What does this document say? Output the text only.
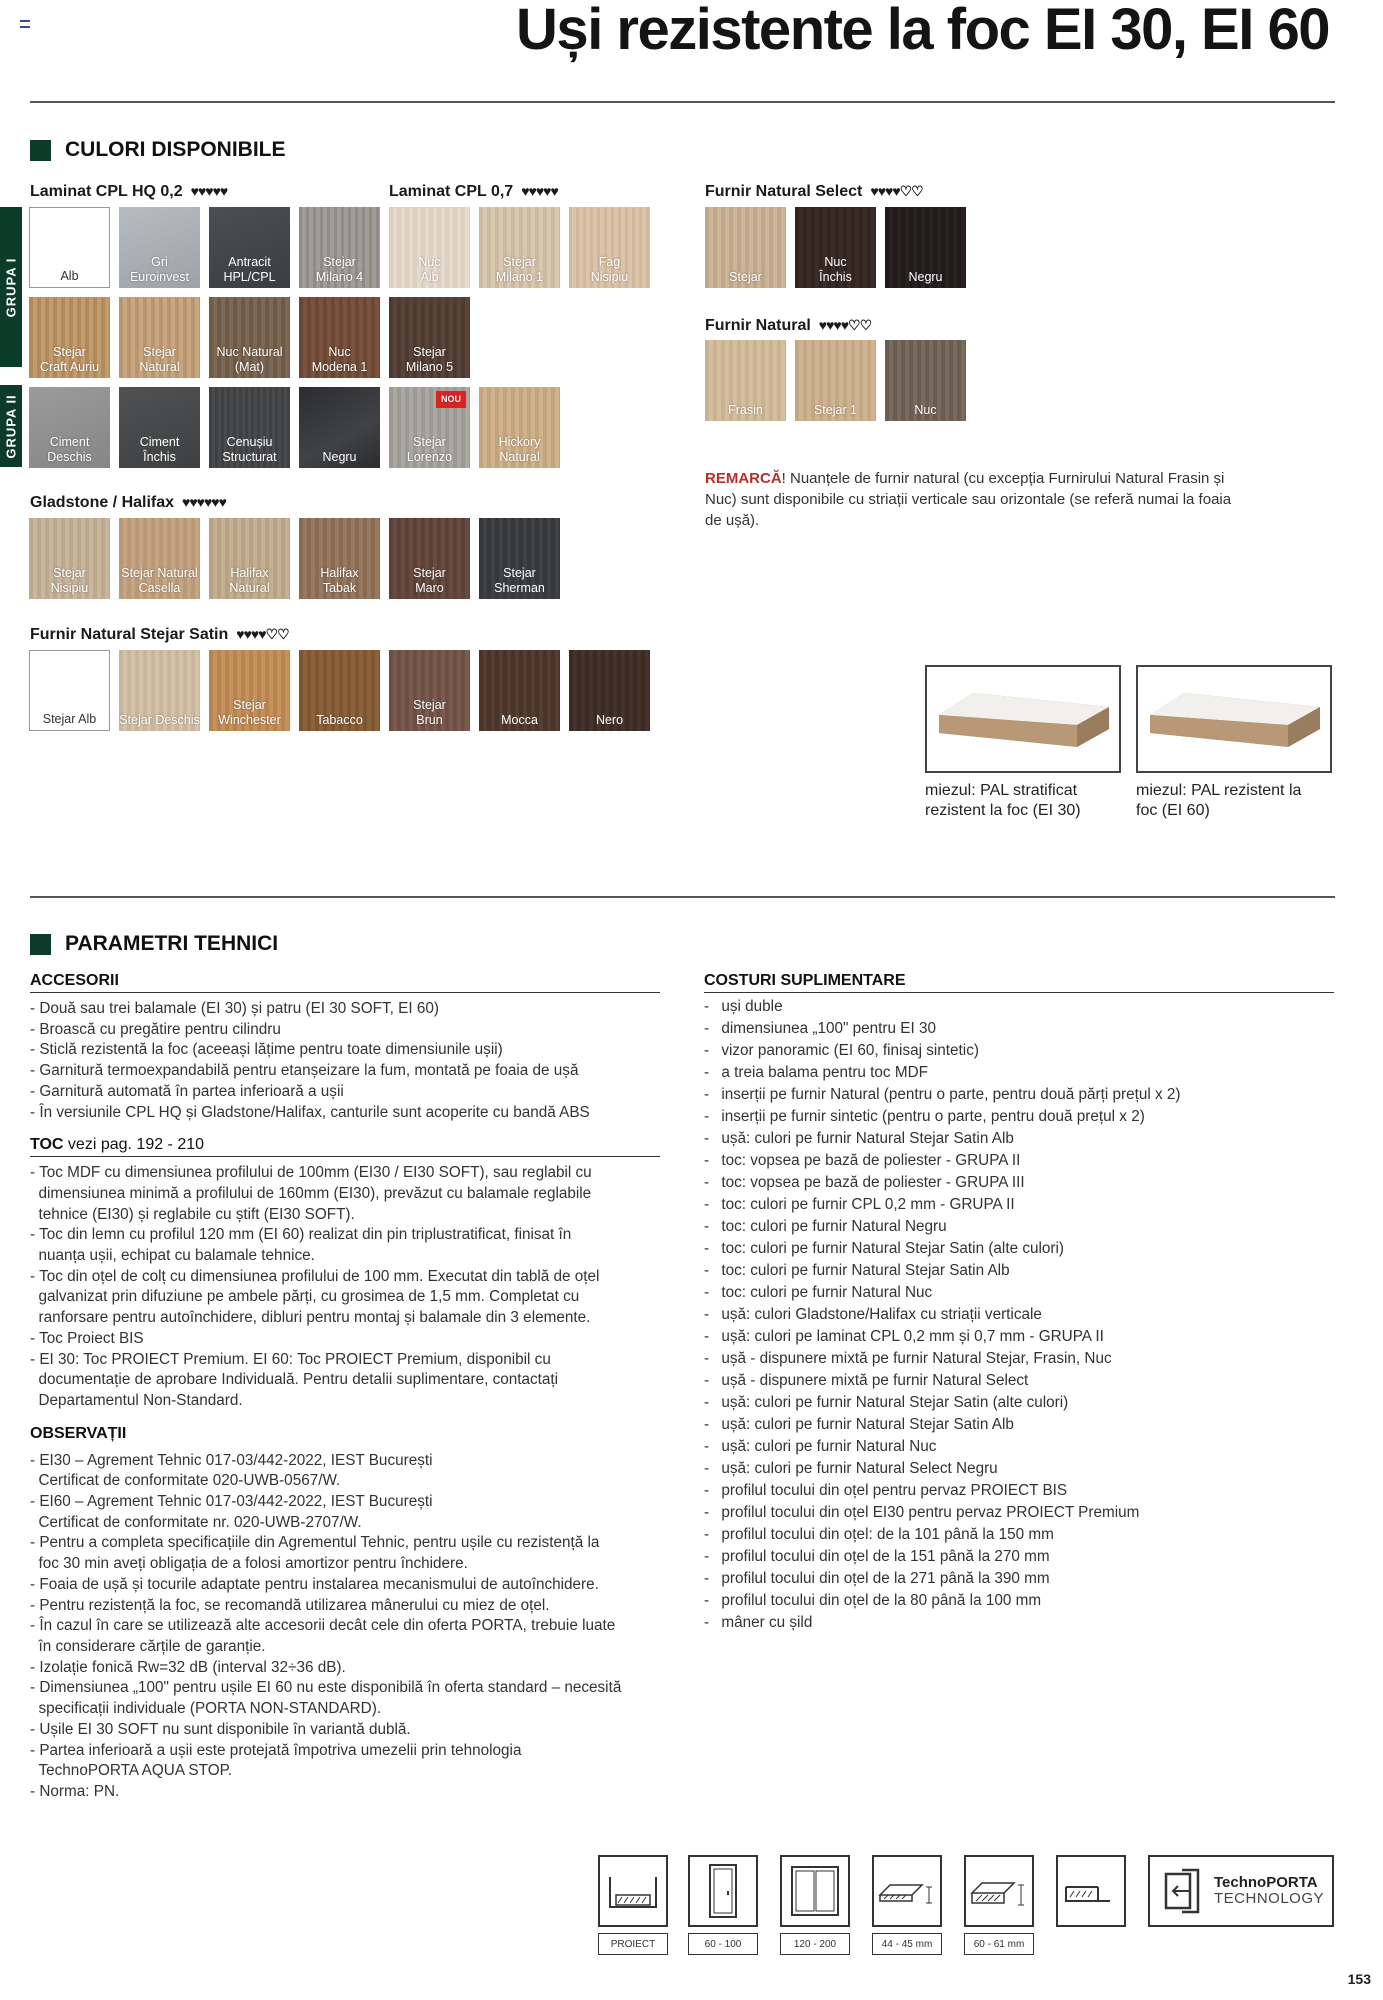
Uși rezistente la foc EI 30, EI 60
CULORI DISPONIBILE
Laminat CPL HQ 0,2 ♥♥♥♥♥	Laminat CPL 0,7 ♥♥♥♥♥	Furnir Natural Select ♥♥♥♥♡♡
GRUPA I
GRUPA II
Alb
Gri
Euroinvest
Antracit
HPL/CPL
Stejar
Milano 4
Nuc
Alb
Stejar
Milano 1
Fag
Nisipiu
Stejar
Craft Auriu
Stejar
Natural
Nuc Natural
(Mat)
Nuc
Modena 1
Stejar
Milano 5
Ciment
Deschis
Ciment
Închis
Cenușiu
Structurat	Negru
NOU
Stejar
Lorenzo
Hickory
Natural
Stejar
Nuc
Închis	Negru
Furnir Natural ♥♥♥♥♡♡
Frasin	Stejar 1	Nuc
REMARCĂ! Nuanțele de furnir natural (cu excepția Furnirului Natural Frasin și Nuc) sunt disponibile cu striații verticale sau orizontale (se referă numai la foaia de ușă).
Gladstone / Halifax ♥♥♥♥♥♥
Stejar
Nisipiu
Stejar Natural
Casella
Halifax
Natural
Halifax
Tabak
Stejar
Maro
Stejar
Sherman
Furnir Natural Stejar Satin ♥♥♥♥♡♡
Stejar Alb Stejar Deschis
Stejar
Winchester	Tabacco
Stejar
Brun	Mocca	Nero
miezul: PAL stratificat
rezistent la foc (EI 30)
miezul: PAL rezistent la
foc (EI 60)
PARAMETRI TEHNICI
ACCESORII
- Două sau trei balamale (EI 30) și patru (EI 30 SOFT, EI 60)
- Broască cu pregătire pentru cilindru
- Sticlă rezistentă la foc (aceeași lățime pentru toate dimensiunile ușii)
- Garnitură termoexpandabilă pentru etanșeizare la fum, montată pe foaia de ușă
- Garnitură automată în partea inferioară a ușii
- În versiunile CPL HQ și Gladstone/Halifax, canturile sunt acoperite cu bandă ABS
TOC vezi pag. 192 - 210
- Toc MDF cu dimensiunea profilului de 100mm (EI30 / EI30 SOFT), sau reglabil cu
dimensiunea minimă a profilului de 160mm (EI30), prevăzut cu balamale reglabile
tehnice (EI30) și reglabile cu știft (EI30 SOFT).
- Toc din lemn cu profilul 120 mm (EI 60) realizat din pin triplustratificat, finisat în
nuanța ușii, echipat cu balamale tehnice.
- Toc din oțel de colț cu dimensiunea profilului de 100 mm. Executat din tablă de oțel
galvanizat prin difuziune pe ambele părți, cu grosimea de 1,5 mm. Completat cu
ranforsare pentru autoînchidere, dibluri pentru montaj și balamale din 3 elemente.
- Toc Proiect BIS
- EI 30: Toc PROIECT Premium. EI 60: Toc PROIECT Premium, disponibil cu
documentație de aprobare Individuală. Pentru detalii suplimentare, contactați
Departamentul Non-Standard.
OBSERVAȚII
- EI30 – Agrement Tehnic 017-03/442-2022, IEST București
Certificat de conformitate 020-UWB-0567/W.
- EI60 – Agrement Tehnic 017-03/442-2022, IEST București
Certificat de conformitate nr. 020-UWB-2707/W.
- Pentru a completa specificațiile din Agrementul Tehnic, pentru ușile cu rezistență la
foc 30 min aveți obligația de a folosi amortizor pentru închidere.
- Foaia de ușă și tocurile adaptate pentru instalarea mecanismului de autoînchidere.
- Pentru rezistență la foc, se recomandă utilizarea mânerului cu miez de oțel.
- În cazul în care se utilizează alte accesorii decât cele din oferta PORTA, trebuie luate
în considerare cărțile de garanție.
- Izolație fonică Rw=32 dB (interval 32÷36 dB).
- Dimensiunea „100" pentru ușile EI 60 nu este disponibilă în oferta standard – necesită
specificații individuale (PORTA NON-STANDARD).
- Ușile EI 30 SOFT nu sunt disponibile în variantă dublă.
- Partea inferioară a ușii este protejată împotriva umezelii prin tehnologia
TechnoPORTA AQUA STOP.
- Norma: PN.
COSTURI SUPLIMENTARE
- uși duble
- dimensiunea „100" pentru EI 30
- vizor panoramic (EI 60, finisaj sintetic)
- a treia balama pentru toc MDF
- inserții pe furnir Natural (pentru o parte, pentru două părți prețul x 2)
- inserții pe furnir sintetic (pentru o parte, pentru două prețul x 2)
- ușă: culori pe furnir Natural Stejar Satin Alb
- toc: vopsea pe bază de poliester - GRUPA II
- toc: vopsea pe bază de poliester - GRUPA III
- toc: culori pe furnir CPL 0,2 mm - GRUPA II
- toc: culori pe furnir Natural Negru
- toc: culori pe furnir Natural Stejar Satin (alte culori)
- toc: culori pe furnir Natural Stejar Satin Alb
- toc: culori pe furnir Natural Nuc
- ușă: culori Gladstone/Halifax cu striații verticale
- ușă: culori pe laminat CPL 0,2 mm și 0,7 mm - GRUPA II
- ușă - dispunere mixtă pe furnir Natural Stejar, Frasin, Nuc
- ușă - dispunere mixtă pe furnir Natural Select
- ușă: culori pe furnir Natural Stejar Satin (alte culori)
- ușă: culori pe furnir Natural Stejar Satin Alb
- ușă: culori pe furnir Natural Nuc
- ușă: culori pe furnir Natural Select Negru
- profilul tocului din oțel pentru pervaz PROIECT BIS
- profilul tocului din oțel EI30 pentru pervaz PROIECT Premium
- profilul tocului din oțel: de la 101 până la 150 mm
- profilul tocului din oțel de la 151 până la 270 mm
- profilul tocului din oțel de la 271 până la 390 mm
- profilul tocului din oțel de la 80 până la 100 mm
- mâner cu șild
PROIECT	60 - 100	120 - 200	44 - 45 mm	60 - 61 mm
TechnoPORTA
TECHNOLOGY
153
